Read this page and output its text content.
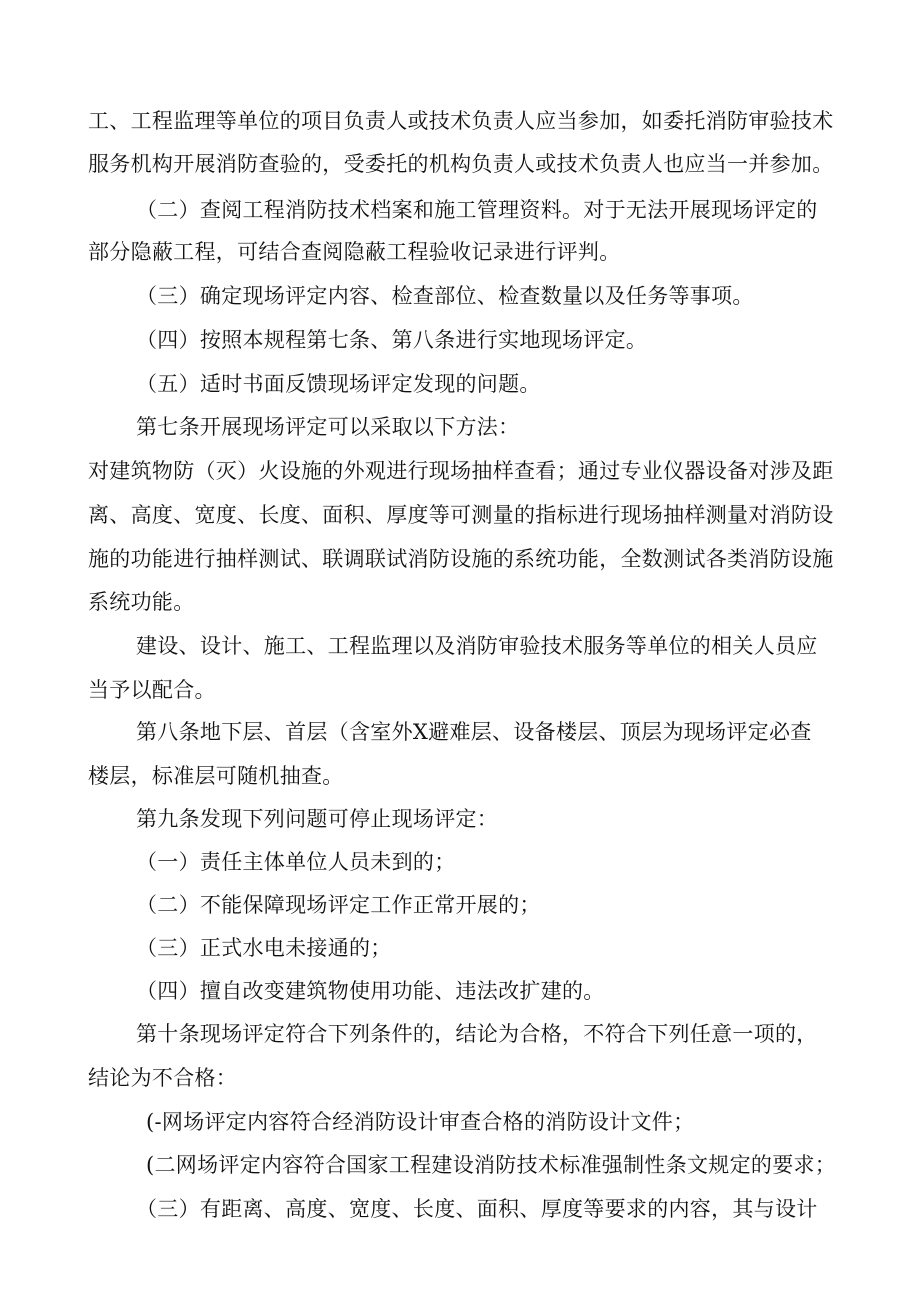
工、工程监理等单位的项目负责人或技术负责人应当参加，如委托消防审验技术
服务机构开展消防查验的，受委托的机构负责人或技术负责人也应当一并参加。
（二）查阅工程消防技术档案和施工管理资料。对于无法开展现场评定的
部分隐蔽工程，可结合查阅隐蔽工程验收记录进行评判。
（三）确定现场评定内容、检查部位、检查数量以及任务等事项。
（四）按照本规程第七条、第八条进行实地现场评定。
（五）适时书面反馈现场评定发现的问题。
第七条开展现场评定可以采取以下方法：
对建筑物防（灭）火设施的外观进行现场抽样查看；通过专业仪器设备对涉及距
离、高度、宽度、长度、面积、厚度等可测量的指标进行现场抽样测量对消防设
施的功能进行抽样测试、联调联试消防设施的系统功能，全数测试各类消防设施
系统功能。
建设、设计、施工、工程监理以及消防审验技术服务等单位的相关人员应
当予以配合。
第八条地下层、首层（含室外X避难层、设备楼层、顶层为现场评定必查
楼层，标准层可随机抽查。
第九条发现下列问题可停止现场评定：
（一）责任主体单位人员未到的；
（二）不能保障现场评定工作正常开展的；
（三）正式水电未接通的；
（四）擅自改变建筑物使用功能、违法改扩建的。
第十条现场评定符合下列条件的，结论为合格，不符合下列任意一项的，
结论为不合格：
(-网场评定内容符合经消防设计审查合格的消防设计文件；
(二网场评定内容符合国家工程建设消防技术标准强制性条文规定的要求；
（三）有距离、高度、宽度、长度、面积、厚度等要求的内容，其与设计
